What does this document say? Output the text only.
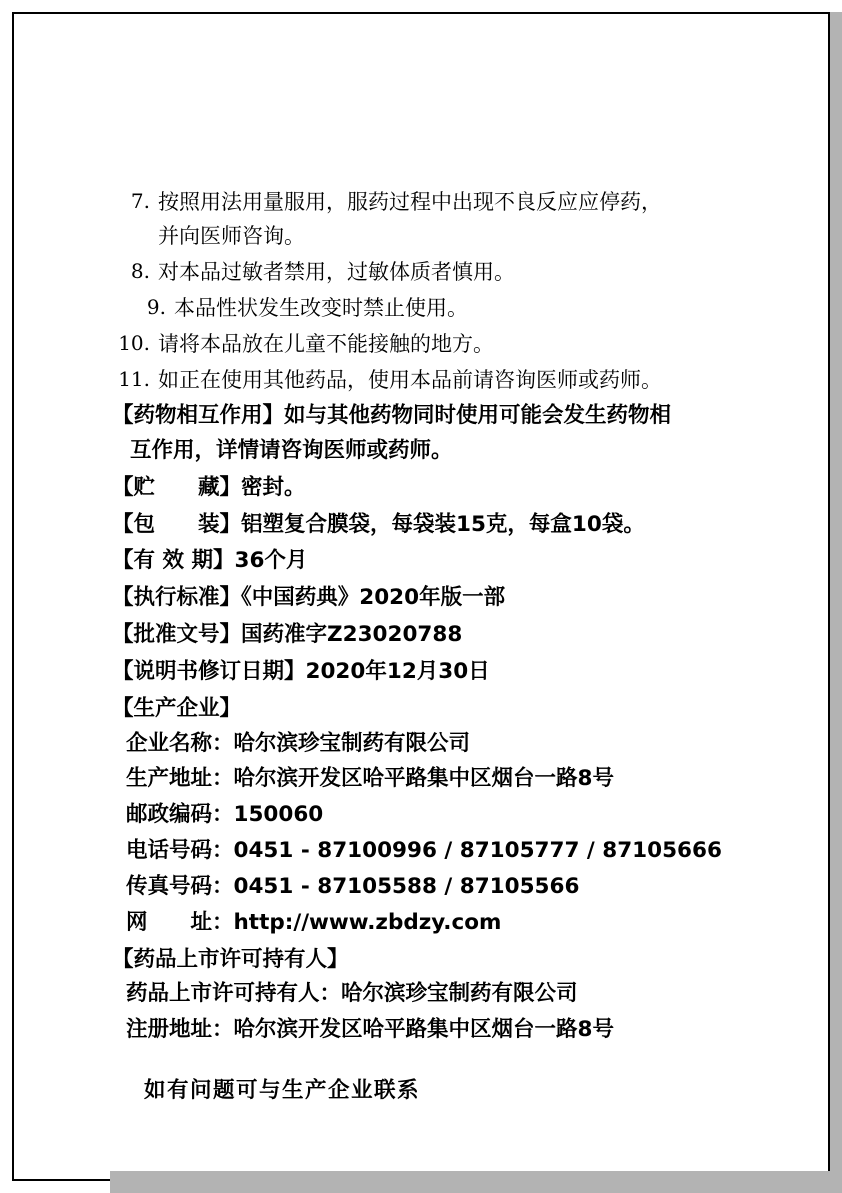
7. 按照用法用量服用，服药过程中出现不良反应应停药，
并向医师咨询。
8. 对本品过敏者禁用，过敏体质者慎用。
9. 本品性状发生改变时禁止使用。
10. 请将本品放在儿童不能接触的地方。
11. 如正在使用其他药品，使用本品前请咨询医师或药师。
【药物相互作用】如与其他药物同时使用可能会发生药物相
互作用，详情请咨询医师或药师。
【贮　　藏】密封。
【包　　装】铝塑复合膜袋，每袋装15克，每盒10袋。
【有 效 期】36个月
【执行标准】《中国药典》2020年版一部
【批准文号】国药准字Z23020788
【说明书修订日期】2020年12月30日
【生产企业】
企业名称：哈尔滨珍宝制药有限公司
生产地址：哈尔滨开发区哈平路集中区烟台一路8号
邮政编码：150060
电话号码：0451 - 87100996 / 87105777 / 87105666
传真号码：0451 - 87105588 / 87105566
网　　址：http://www.zbdzy.com
【药品上市许可持有人】
药品上市许可持有人：哈尔滨珍宝制药有限公司
注册地址：哈尔滨开发区哈平路集中区烟台一路8号
如有问题可与生产企业联系
